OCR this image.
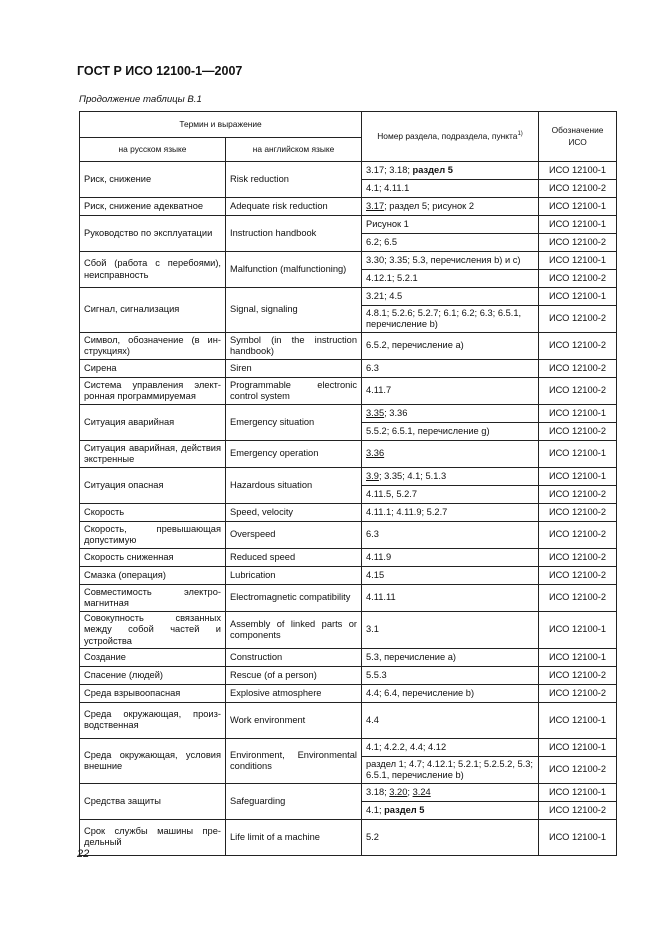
ГОСТ Р ИСО 12100-1—2007
Продолжение таблицы В.1
Термин и выражение		Номер раздела, подраздела, пункта$^{1)}$	Обозначение ИСО
на русском языке	на английском языке		
Риск, снижение	Risk reduction	3.17; 3.18; раздел 5	ИСО 12100-1
		4.1; 4.11.1	ИСО 12100-2
Риск, снижение адекватное	Adequate risk reduction	3.17; раздел 5; рисунок 2	ИСО 12100-1
Руководство по эксплуатации	Instruction handbook	Рисунок 1	ИСО 12100-1
		6.2; 6.5	ИСО 12100-2
Сбой (работа с перебоями), неисправность	Malfunction (malfunctioning)	3.30; 3.35; 5.3, перечисления b) и c)	ИСО 12100-1
		4.12.1; 5.2.1	ИСО 12100-2
Сигнал, сигнализация	Signal, signaling	3.21; 4.5	ИСО 12100-1
		4.8.1; 5.2.6; 5.2.7; 6.1; 6.2; 6.3; 6.5.1, перечисление b)	ИСО 12100-2
Символ, обозначение (в инструкциях)	Symbol (in the instruction handbook)	6.5.2, перечисление a)	ИСО 12100-2
Сирена	Siren	6.3	ИСО 12100-2
Система управления электронная программируемая	Programmable electronic control system	4.11.7	ИСО 12100-2
Ситуация аварийная	Emergency situation	3.35; 3.36	ИСО 12100-1
		5.5.2; 6.5.1, перечисление g)	ИСО 12100-2
Ситуация аварийная, действия экстренные	Emergency operation	3.36	ИСО 12100-1
Ситуация опасная	Hazardous situation	3.9; 3.35; 4.1; 5.1.3	ИСО 12100-1
		4.11.5, 5.2.7	ИСО 12100-2
Скорость	Speed, velocity	4.11.1; 4.11.9; 5.2.7	ИСО 12100-2
Скорость, превышающая допустимую	Overspeed	6.3	ИСО 12100-2
Скорость сниженная	Reduced speed	4.11.9	ИСО 12100-2
Смазка (операция)	Lubrication	4.15	ИСО 12100-2
Совместимость электромагнитная	Electromagnetic compatibility	4.11.11	ИСО 12100-2
Совокупность связанных между собой частей и устройства	Assembly of linked parts or components	3.1	ИСО 12100-1
Создание	Construction	5.3, перечисление a)	ИСО 12100-1
Спасение (людей)	Rescue (of a person)	5.5.3	ИСО 12100-2
Среда взрывоопасная	Explosive atmosphere	4.4; 6.4, перечисление b)	ИСО 12100-2
Среда окружающая, производственная	Work environment	4.4	ИСО 12100-1
Среда окружающая, условия внешние	Environment, Environmental conditions	4.1; 4.2.2, 4.4; 4.12	ИСО 12100-1
		раздел 1; 4.7; 4.12.1; 5.2.1; 5.2.5.2, 5.3; 6.5.1, перечисление b)	ИСО 12100-2
Средства защиты	Safeguarding	3.18; 3.20; 3.24	ИСО 12100-1
		4.1; раздел 5	ИСО 12100-2
Срок службы машины предельный	Life limit of a machine	5.2	ИСО 12100-1
22
